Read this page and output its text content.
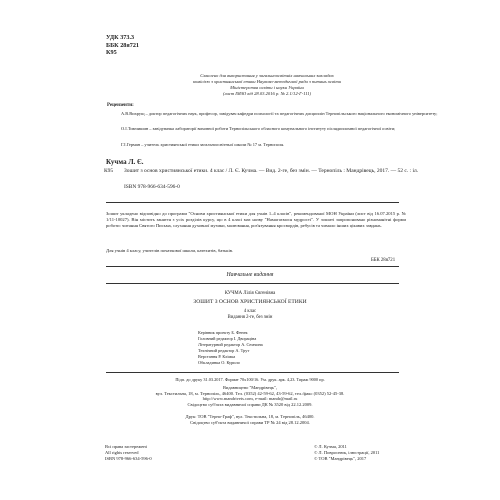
УДК 373.3
ББК 28я721
К95
Схвалено для використання у загальноосвітніх навчальних закладах
комісією з християнської етики Науково-методичної ради з питань освіти
Міністерства освіти і науки України
(лист ІМЗО від 28.03.2016 р. № 2.1/12-Г-111)
Рецензенти:
А.В.Вихрущ – доктор педагогічних наук, професор, завідувач кафедри психології та педагогічних дисциплін Тернопільського національного економічного університету;
О.І.Тимчишин – завідувачка лабораторії виховної роботи Тернопільського обласного комунального інституту післядипломної педагогічної освіти;
Г.І.Герман – учитель християнської етики загальноосвітньої школи № 17 м. Тернополя.
Кучма Л. Є.
К95 Зошит з основ християнської етики. 4 клас / Л. Є. Кучма. — Вид. 2-ге, без змін. — Тернопіль : Мандрівець, 2017. — 52 с. : іл.
ISBN 978-966-634-596-0
Зошит укладено відповідно до програми "Основи християнської етики для учнів 1–4 класів", рекомендованої МОН України (лист від 16.07.2015 р. № 1/11-10027). Він містить заняття з усіх розділів курсу, що в 4 класі має назву "Намагаємося мудрості". У зошиті запропоновано різноманітні форми роботи: читання Святого Письма, слухання духовної музики, малювання, роз'язування кросвордів, ребусів та чимало інших цікавих завдань.
Для учнів 4 класу, учителів початкової школи, катехитів, батьків.
ББК 28я721
Навчальне видання
КУЧМА Лілія Євгенівна
ЗОШИТ З ОСНОВ ХРИСТИЯНСЬКОЇ ЕТИКИ
4 клас
Видання 2-ге, без змін
Керівник проекту Б. Фенек
Головний редактор І. Двораціна
Літературний редактор А. Семчина
Технічний редактор А. Трут
Верстання Р. Клімка
Обкладинка О. Курило
Підп. до друку 31.03.2017. Формат 70х100/16. Ум. друк. арк. 4,23. Тираж 9000 пр.
Видавництво "Мандрівець",
вул. Текстильна, 18, м. Тернопіль, 46400. Тел. (0352) 42-59-62, 43-59-62, тел./факс (0352) 52-45-38.
http://www.mandrivets.com, e-mail: mandr@mail.ru
Свідоцтво суб'єкта видавничої справи ДК № 3520 від 22.12.2009.
Друк: ТОВ "Терно-Граф", вул. Текстильна, 18, м. Тернопіль, 46400.
Свідоцтво суб'єкта видавничої справи ТР № 24 від 28.12.2004.
Всі права застережені
All rights reserved
ISBN 978-966-634-596-0
© Л. Кучма, 2011
© Л. Повроснюк, ілюстрації, 2011
© ТОВ "Мандрівець", 2017
